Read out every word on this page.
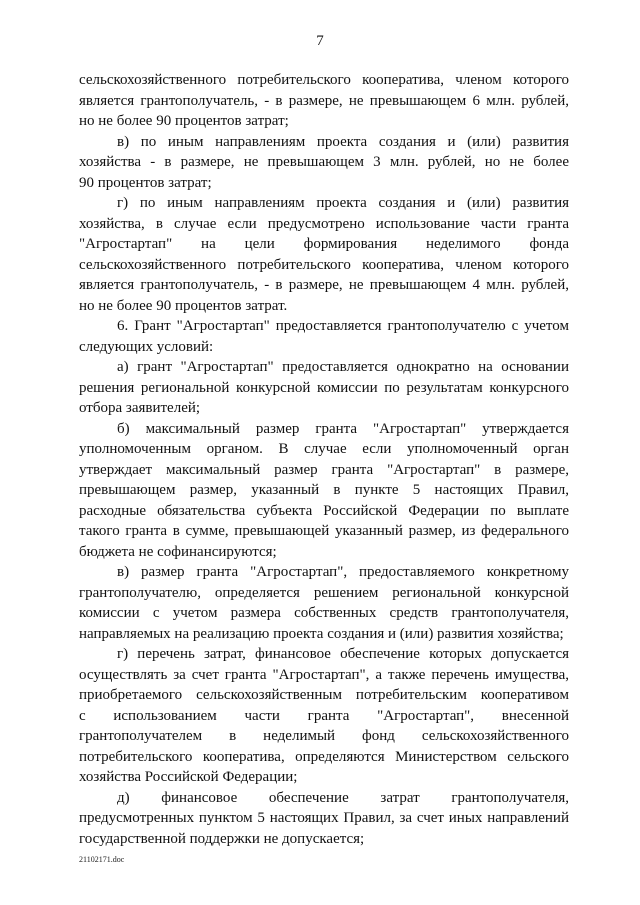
7
сельскохозяйственного потребительского кооператива, членом которого
является грантополучатель, - в размере, не превышающем 6 млн. рублей,
но не более 90 процентов затрат;
в) по иным направлениям проекта создания и (или) развития
хозяйства - в размере, не превышающем 3 млн. рублей, но не более
90 процентов затрат;
г) по иным направлениям проекта создания и (или) развития
хозяйства, в случае если предусмотрено использование части гранта
"Агростартап" на цели формирования неделимого фонда
сельскохозяйственного потребительского кооператива, членом которого
является грантополучатель, - в размере, не превышающем 4 млн. рублей,
но не более 90 процентов затрат.
6. Грант "Агростартап" предоставляется грантополучателю с учетом
следующих условий:
а) грант "Агростартап" предоставляется однократно на основании
решения региональной конкурсной комиссии по результатам конкурсного
отбора заявителей;
б) максимальный размер гранта "Агростартап" утверждается
уполномоченным органом. В случае если уполномоченный орган
утверждает максимальный размер гранта "Агростартап" в размере,
превышающем размер, указанный в пункте 5 настоящих Правил,
расходные обязательства субъекта Российской Федерации по выплате
такого гранта в сумме, превышающей указанный размер, из федерального
бюджета не софинансируются;
в) размер гранта "Агростартап", предоставляемого конкретному
грантополучателю, определяется решением региональной конкурсной
комиссии с учетом размера собственных средств грантополучателя,
направляемых на реализацию проекта создания и (или) развития хозяйства;
г) перечень затрат, финансовое обеспечение которых допускается
осуществлять за счет гранта "Агростартап", а также перечень имущества,
приобретаемого сельскохозяйственным потребительским кооперативом
с использованием части гранта "Агростартап", внесенной
грантополучателем в неделимый фонд сельскохозяйственного
потребительского кооператива, определяются Министерством сельского
хозяйства Российской Федерации;
д) финансовое обеспечение затрат грантополучателя,
предусмотренных пунктом 5 настоящих Правил, за счет иных направлений
государственной поддержки не допускается;
21102171.doc
